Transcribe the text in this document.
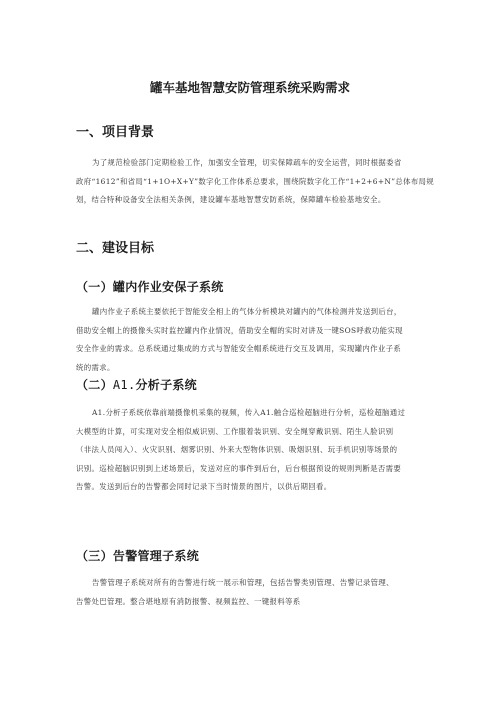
罐车基地智慧安防管理系统采购需求
一、项目背景
为了规范检验部门定期检验工作，加强安全管理，切实保障疏车的安全运营，同时根据委省
政府“1612”和省局“1+1O+X+Y”数字化工作体系总要求，围绕院数字化工作“1+2+6+N”总体布局规
划，结合特种设备安全法相关条例，建设罐车基地智慧安防系统，保障罐车检验基地安全。
二、建设目标
（一）罐内作业安保子系统
罐内作业子系统主要依托于智能安全相上的气体分析模块对罐内的气体检测并发送到后台，
借助安全帽上的摄像头实时监控罐内作业情况，借助安全帽的实时对讲及一键SOS呼救功能实现
安全作业的需求。总系统通过集成的方式与智能安全帽系统进行交互及调用，实现罐内作业子系
统的需求。
（二）A1.分析子系统
A1.分析子系统依靠前端摄像机采集的视频，传入A1.触合巡检超脑进行分析，巡检超脑通过
大模型的计算，可实现对安全相似威识别、工作服着装识别、安全绳穿戴识别、陌生人脸识别
（非法人员闯入）、火灾识别、烟雾识别、外来大型物体识别、吸烟识别、玩手机识别等场景的
识别。巡检超脑识别到上述场景后，发送对应的事件到后台，后台根据预设的规则判断是否需要
告警。发送到后台的告警都会同时记录下当时情景的图片，以供后期回看。
（三）告警管理子系统
告警管理子系统对所有的告警进行统一展示和管理，包括告警类别管理、告警记录管理、
告警处巴管理。整合堪地原有消防报警、视频监控、一键报料等系
